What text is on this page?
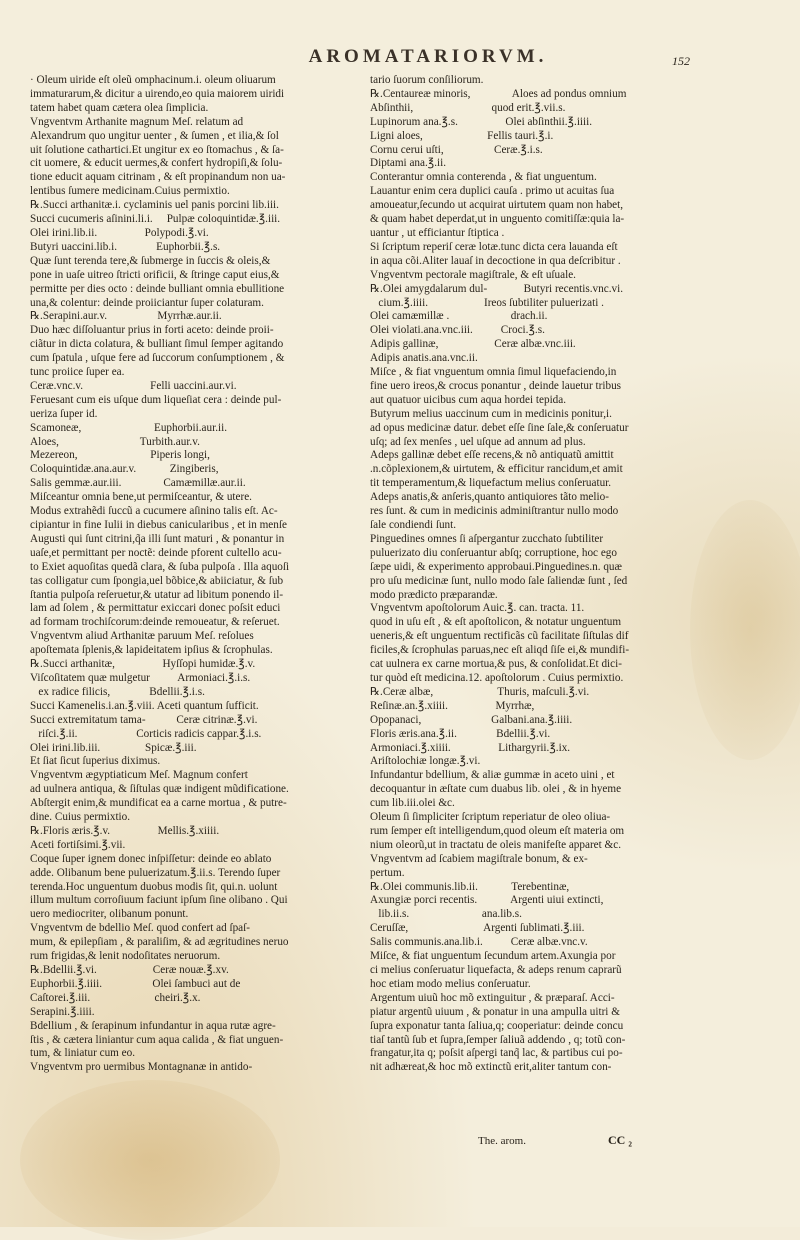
AROMATARIORVM.	152

· Oleum uiride eſt oleũ omphacinum.i. oleum oliuarum

immaturarum,& dicitur a uirendo,eo quia maiorem uiridi

tatem habet quam cætera olea ſimplicia.

Vngventvm Arthanite magnum Meſ. relatum ad

Alexandrum quo ungitur uenter , & ſumen , et ilia,& ſol

uit ſolutione cathartici.Et ungitur ex eo ſtomachus , & ſa-

cit uomere, & educit uermes,& confert hydropiſi,& ſolu-

tione educit aquam citrinam , & eſt propinandum non ua-

lentibus ſumere medicinam.Cuius permixtio.

℞.Succi arthanitæ.i. cyclaminis uel panis porcini lib.iii.

Succi cucumeris aſinini.li.i.     Pulpæ coloquintidæ.℥.iii.

Olei irini.lib.ii.                 Polypodi.℥.vi.

Butyri uaccini.lib.i.              Euphorbii.℥.s.

Quæ ſunt terenda tere,& ſubmerge in ſuccis & oleis,&

pone in uaſe uitreo ſtricti orificii, & ſtringe caput eius,&

permitte per dies octo : deinde bulliant omnia ebullitione

una,& colentur: deinde proiiciantur ſuper colaturam.

℞.Serapini.aur.v.                  Myrrhæ.aur.ii.

Duo hæc diſſoluantur prius in forti aceto: deinde proii-

ciãtur in dicta colatura, & bulliant ſimul ſemper agitando

cum ſpatula , uſque fere ad ſuccorum conſumptionem , &

tunc proiice ſuper ea.

Ceræ.vnc.v.                        Felli uaccini.aur.vi.

Feruesant cum eis uſque dum liqueſiat cera : deinde pul-

ueriza ſuper id.

Scamoneæ,                          Euphorbii.aur.ii.

Aloes,                             Turbith.aur.v.

Mezereon,                          Piperis longi,

Coloquintidæ.ana.aur.v.            Zingiberis,

Salis gemmæ.aur.iii.               Camæmillæ.aur.ii.

Miſceantur omnia bene,ut permiſceantur, & utere.

Modus extrahẽdi ſuccũ a cucumere aſinino talis eſt. Ac-

cipiantur in fine Iulii in diebus canicularibus , et in menſe

Augusti qui ſunt citrini,q̃a illi ſunt maturi , & ponantur in

uaſe,et permittant per noctẽ: deinde pforent cultello acu-

to Exiet aquoſitas quedã clara, & ſuba pulpoſa . Illa aquoſi

tas colligatur cum ſpongia,uel bõbice,& abiiciatur, & ſub

ſtantia pulpoſa reſeruetur,& utatur ad libitum ponendo il-

lam ad ſolem , & permittatur exiccari donec poſsit educi

ad formam trochiſcorum:deinde remoueatur, & reſeruet.

Vngventvm aliud Arthanitæ paruum Meſ. reſolues

apoſtemata ſplenis,& lapideitatem ipſius & ſcrophulas.

℞.Succi arthanitæ,                 Hyſſopi humidæ.℥.v.

Viſcoſitatem quæ mulgetur          Armoniaci.℥.i.s.

ex radice filicis,              Bdellii.℥.i.s.

Succi Kamenelis.i.an.℥.viii. Aceti quantum ſufficit.

Succi extremitatum tama-           Ceræ citrinæ.℥.vi.

riſci.℥.ii.                     Corticis radicis cappar.℥.i.s.

Olei irini.lib.iii.                Spicæ.℥.iii.

Et ſiat ſicut ſuperius diximus.

Vngventvm ægyptiaticum Meſ. Magnum confert

ad uulnera antiqua, & ſiſtulas quæ indigent mũdificatione.

Abſtergit enim,& mundificat ea a carne mortua , & putre-

dine. Cuius permixtio.

℞.Floris æris.℥.v.                 Mellis.℥.xiiii.

Aceti fortiſsimi.℥.vii.

Coque ſuper ignem donec inſpiſſetur: deinde eo ablato

adde. Olibanum bene puluerizatum.℥.ii.s. Terendo ſuper

terenda.Hoc unguentum duobus modis ſit, qui.n. uolunt

illum multum corroſiuum faciunt ipſum ſine olibano . Qui

uero mediocriter, olibanum ponunt.

Vngventvm de bdellio Meſ. quod confert ad ſpaſ-

mum, & epilepſiam , & paraliſim, & ad ægritudines neruo

rum frigidas,& lenit nodoſitates neruorum.

℞.Bdellii.℥.vi.                    Ceræ nouæ.℥.xv.

Euphorbii.℥.iiii.                  Olei ſambuci aut de

Caſtorei.℥.iii.                       cheiri.℥.x.

Serapini.℥.iiii.

Bdellium , & ſerapinum infundantur in aqua rutæ agre-

ſtis , & cætera liniantur cum aqua calida , & fiat unguen-

tum, & liniatur cum eo.

Vngventvm pro uermibus Montagnanæ in antido-

tario ſuorum conſiliorum.

℞.Centaureæ minoris,               Aloes ad pondus omnium

Abſinthii,                            quod erit.℥.vii.s.

Lupinorum ana.℥.s.                 Olei abſinthii.℥.iiii.

Ligni aloes,                       Fellis tauri.℥.i.

Cornu cerui uſti,                  Ceræ.℥.i.s.

Diptami ana.℥.ii.

Conterantur omnia conterenda , & fiat unguentum.

Lauantur enim cera duplici cauſa . primo ut acuitas ſua

amoueatur,ſecundo ut acquirat uirtutem quam non habet,

& quam habet deperdat,ut in unguento comitiſſæ:quia la-

uantur , ut efficiantur ſtiptica .

Si ſcriptum reperiſ ceræ lotæ.tunc dicta cera lauanda eſt

in aqua cõi.Aliter lauaſ in decoctione in qua deſcribitur .

Vngventvm pectorale magiſtrale, & eſt uſuale.

℞.Olei amygdalarum dul-             Butyri recentis.vnc.vi.

cium.℥.iiii.                    Ireos ſubtiliter puluerizati .

Olei camæmillæ .                      drach.ii.

Olei violati.ana.vnc.iii.          Croci.℥.s.

Adipis gallinæ,                    Ceræ albæ.vnc.iii.

Adipis anatis.ana.vnc.ii.

Miſce , & fiat vnguentum omnia ſimul liquefaciendo,in

fine uero ireos,& crocus ponantur , deinde lauetur tribus

aut quatuor uicibus cum aqua hordei tepida.

Butyrum melius uaccinum cum in medicinis ponitur,i.

ad opus medicinæ datur. debet eſſe ſine ſale,& conſeruatur

uſq; ad ſex menſes , uel uſque ad annum ad plus.

Adeps gallinæ debet eſſe recens,& nõ antiquatũ amittit

.n.cõplexionem,& uirtutem, & efficitur rancidum,et amit

tit temperamentum,& liquefactum melius conſeruatur.

Adeps anatis,& anſeris,quanto antiquiores tãto melio-

res ſunt. & cum in medicinis adminiſtrantur nullo modo

ſale condiendi ſunt.

Pinguedines omnes ſi aſpergantur zucchato ſubtiliter

puluerizato diu conſeruantur abſq; corruptione, hoc ego

ſæpe uidi, & experimento approbaui.Pinguedines.n. quæ

pro uſu medicinæ ſunt, nullo modo ſale ſaliendæ ſunt , ſed

modo prædicto præparandæ.

Vngventvm apoſtolorum Auic.℥. can. tracta. 11.

quod in uſu eſt , & eſt apoſtolicon, & notatur unguentum

ueneris,& eſt unguentum rectificãs cũ facilitate ſiſtulas dif

ficiles,& ſcrophulas paruas,nec eſt aliqd ſiſe ei,& mundifi-

cat uulnera ex carne mortua,& pus, & conſolidat.Et dici-

tur quòd eſt medicina.12. apoſtolorum . Cuius permixtio.

℞.Ceræ albæ,                       Thuris, maſculi.℥.vi.

Reſinæ.an.℥.xiiii.                 Myrrhæ,

Opopanaci,                         Galbani.ana.℥.iiii.

Floris æris.ana.℥.ii.              Bdellii.℥.vi.

Armoniaci.℥.xiiii.                 Lithargyrii.℥.ix.

Ariſtolochiæ longæ.℥.vi.

Infundantur bdellium, & aliæ gummæ in aceto uini , et

decoquantur in æſtate cum duabus lib. olei , & in hyeme

cum lib.iii.olei &c.

Oleum ſi ſimpliciter ſcriptum reperiatur de oleo oliua-

rum ſemper eſt intelligendum,quod oleum eſt materia om

nium oleorũ,ut in tractatu de oleis manifeſte apparet &c.

Vngventvm ad ſcabiem magiſtrale bonum, & ex-

pertum.

℞.Olei communis.lib.ii.            Terebentinæ,

Axungiæ porci recentis.            Argenti uiui extincti,

lib.ii.s.                          ana.lib.s.

Ceruſſæ,                           Argenti ſublimati.℥.iii.

Salis communis.ana.lib.i.          Ceræ albæ.vnc.v.

Miſce, & fiat unguentum ſecundum artem.Axungia por

ci melius conſeruatur liquefacta, & adeps renum caprarũ

hoc etiam modo melius conſeruatur.

Argentum uiuũ hoc mõ extinguitur , & præparaſ. Acci-

piatur argentũ uiuum , & ponatur in una ampulla uitri &

ſupra exponatur tanta ſaliua,q; cooperiatur: deinde concu

tiaſ tantũ ſub et ſupra,ſemper ſaliuã addendo , q; totũ con-

frangatur,ita q; poſsit aſpergi tanq̃ lac, & partibus cui po-

nit adhæreat,& hoc mõ extinctũ erit,aliter tantum con-

The. arom.	CC ₂
